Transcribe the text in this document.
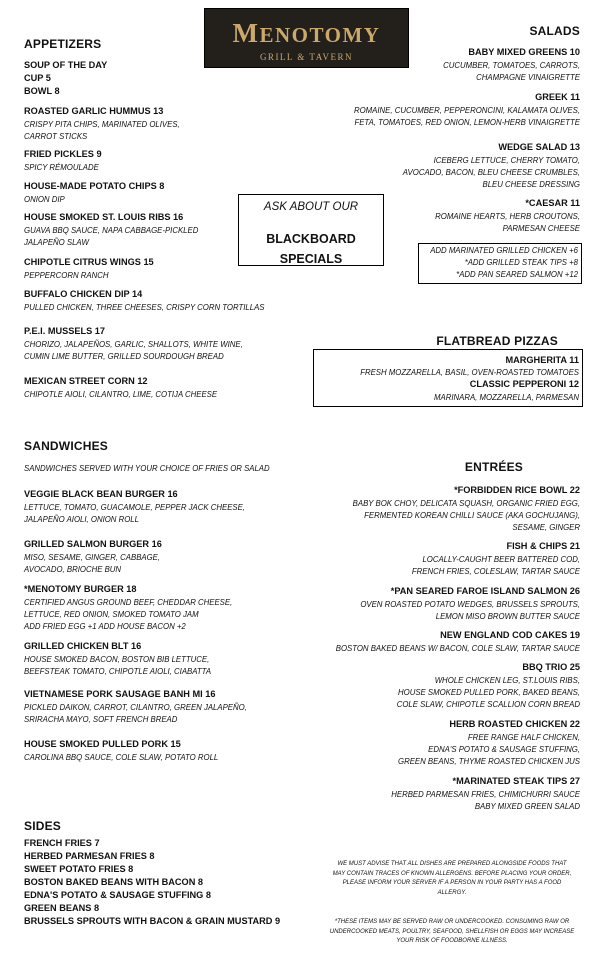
MENOTOMY
GRILL & TAVERN
APPETIZERS
SOUP OF THE DAY
CUP 5
BOWL 8
ROASTED GARLIC HUMMUS 13
CRISPY PITA CHIPS, MARINATED OLIVES,
CARROT STICKS
FRIED PICKLES 9
SPICY RÉMOULADE
HOUSE-MADE POTATO CHIPS 8
ONION DIP
HOUSE SMOKED ST. LOUIS RIBS 16
GUAVA BBQ SAUCE, NAPA CABBAGE-PICKLED
JALAPEÑO SLAW
CHIPOTLE CITRUS WINGS 15
PEPPERCORN RANCH
BUFFALO CHICKEN DIP 14
PULLED CHICKEN, THREE CHEESES, CRISPY CORN TORTILLAS
P.E.I. MUSSELS 17
CHORIZO, JALAPEÑOS, GARLIC, SHALLOTS, WHITE WINE,
CUMIN LIME BUTTER, GRILLED SOURDOUGH BREAD
MEXICAN STREET CORN 12
CHIPOTLE AIOLI, CILANTRO, LIME, COTIJA CHEESE
ASK ABOUT OUR
BLACKBOARD
SPECIALS
SALADS
BABY MIXED GREENS 10
CUCUMBER, TOMATOES, CARROTS,
CHAMPAGNE VINAIGRETTE
GREEK 11
ROMAINE, CUCUMBER, PEPPERONCINI, KALAMATA OLIVES,
FETA, TOMATOES, RED ONION, LEMON-HERB VINAIGRETTE
WEDGE SALAD 13
ICEBERG LETTUCE, CHERRY TOMATO,
AVOCADO, BACON, BLEU CHEESE CRUMBLES,
BLEU CHEESE DRESSING
*CAESAR 11
ROMAINE HEARTS, HERB CROUTONS,
PARMESAN CHEESE
ADD MARINATED GRILLED CHICKEN +6
*ADD GRILLED STEAK TIPS +8
*ADD PAN SEARED SALMON +12
FLATBREAD PIZZAS
MARGHERITA 11
FRESH MOZZARELLA, BASIL, OVEN-ROASTED TOMATOES
CLASSIC PEPPERONI 12
MARINARA, MOZZARELLA, PARMESAN
SANDWICHES
SANDWICHES SERVED WITH YOUR CHOICE OF FRIES OR SALAD
VEGGIE BLACK BEAN BURGER 16
LETTUCE, TOMATO, GUACAMOLE, PEPPER JACK CHEESE,
JALAPEÑO AIOLI, ONION ROLL
GRILLED SALMON BURGER 16
MISO, SESAME, GINGER, CABBAGE,
AVOCADO, BRIOCHE BUN
*MENOTOMY BURGER 18
CERTIFIED ANGUS GROUND BEEF, CHEDDAR CHEESE,
LETTUCE, RED ONION, SMOKED TOMATO JAM
ADD FRIED EGG +1 ADD HOUSE BACON +2
GRILLED CHICKEN BLT 16
HOUSE SMOKED BACON, BOSTON BIB LETTUCE,
BEEFSTEAK TOMATO, CHIPOTLE AIOLI, CIABATTA
VIETNAMESE PORK SAUSAGE BANH MI 16
PICKLED DAIKON, CARROT, CILANTRO, GREEN JALAPEÑO,
SRIRACHA MAYO, SOFT FRENCH BREAD
HOUSE SMOKED PULLED PORK 15
CAROLINA BBQ SAUCE, COLE SLAW, POTATO ROLL
ENTRÉES
*FORBIDDEN RICE BOWL 22
BABY BOK CHOY, DELICATA SQUASH, ORGANIC FRIED EGG,
FERMENTED KOREAN CHILLI SAUCE (AKA GOCHUJANG),
SESAME, GINGER
FISH & CHIPS 21
LOCALLY-CAUGHT BEER BATTERED COD,
FRENCH FRIES, COLESLAW, TARTAR SAUCE
*PAN SEARED FAROE ISLAND SALMON 26
OVEN ROASTED POTATO WEDGES, BRUSSELS SPROUTS,
LEMON MISO BROWN BUTTER SAUCE
NEW ENGLAND COD CAKES 19
BOSTON BAKED BEANS W/ BACON, COLE SLAW, TARTAR SAUCE
BBQ TRIO 25
WHOLE CHICKEN LEG, ST.LOUIS RIBS,
HOUSE SMOKED PULLED PORK, BAKED BEANS,
COLE SLAW, CHIPOTLE SCALLION CORN BREAD
HERB ROASTED CHICKEN 22
FREE RANGE HALF CHICKEN,
EDNA'S POTATO & SAUSAGE STUFFING,
GREEN BEANS, THYME ROASTED CHICKEN JUS
*MARINATED STEAK TIPS 27
HERBED PARMESAN FRIES, CHIMICHURRI SAUCE
BABY MIXED GREEN SALAD
SIDES
FRENCH FRIES 7
HERBED PARMESAN FRIES 8
SWEET POTATO FRIES 8
BOSTON BAKED BEANS WITH BACON 8
EDNA'S POTATO & SAUSAGE STUFFING 8
GREEN BEANS 8
BRUSSELS SPROUTS WITH BACON & GRAIN MUSTARD 9
WE MUST ADVISE THAT ALL DISHES ARE PREPARED ALONGSIDE FOODS THAT
MAY CONTAIN TRACES OF KNOWN ALLERGENS. BEFORE PLACING YOUR ORDER,
PLEASE INFORM YOUR SERVER IF A PERSON IN YOUR PARTY HAS A FOOD
ALLERGY.
*THESE ITEMS MAY BE SERVED RAW OR UNDERCOOKED. CONSUMING RAW OR
UNDERCOOKED MEATS, POULTRY, SEAFOOD, SHELLFISH OR EGGS MAY INCREASE
YOUR RISK OF FOODBORNE ILLNESS.
